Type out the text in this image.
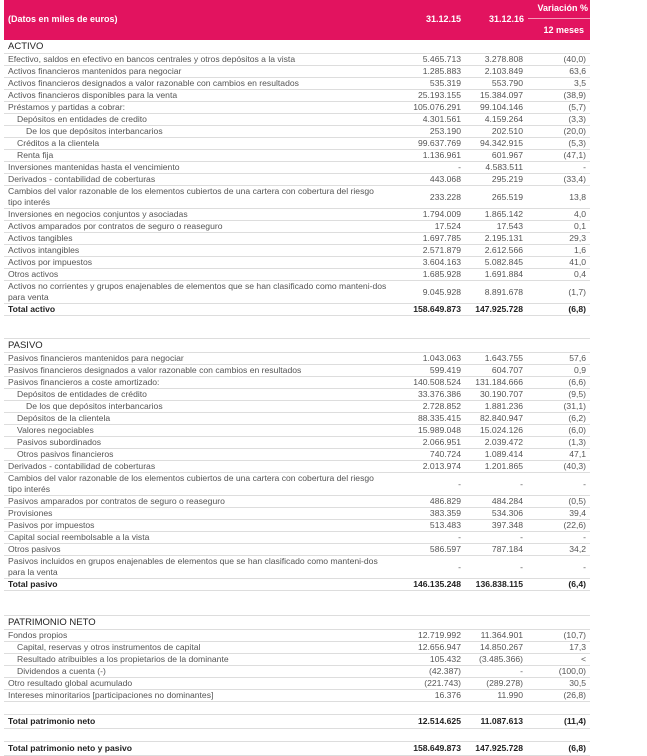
(Datos en miles de euros)	31.12.15	31.12.16
Variación %
12 meses
ACTIVO
Efectivo, saldos en efectivo en bancos centrales y otros depósitos a la vista	5.465.713	3.278.808	(40,0)
Activos financieros mantenidos para negociar	1.285.883	2.103.849	63,6
Activos financieros designados a valor razonable con cambios en resultados	535.319	553.790	3,5
Activos financieros disponibles para la venta	25.193.155	15.384.097	(38,9)
Préstamos y partidas a cobrar:	105.076.291	99.104.146	(5,7)
Depósitos en entidades de credito	4.301.561	4.159.264	(3,3)
De los que depósitos interbancarios	253.190	202.510	(20,0)
Créditos a la clientela	99.637.769	94.342.915	(5,3)
Renta fija	1.136.961	601.967	(47,1)
Inversiones mantenidas hasta el vencimiento	-	4.583.511	-
Derivados - contabilidad de coberturas	443.068	295.219	(33,4)
Cambios del valor razonable de los elementos cubiertos de una cartera con cobertura del riesgo tipo interés
233.228	265.519	13,8
Inversiones en negocios conjuntos y asociadas	1.794.009	1.865.142	4,0
Activos amparados por contratos de seguro o reaseguro	17.524	17.543	0,1
Activos tangibles	1.697.785	2.195.131	29,3
Activos intangibles	2.571.879	2.612.566	1,6
Activos por impuestos	3.604.163	5.082.845	41,0
Otros activos	1.685.928	1.691.884	0,4
Activos no corrientes y grupos enajenables de elementos que se han clasificado como manteni-dos para venta
9.045.928	8.891.678	(1,7)
Total activo	158.649.873	147.925.728	(6,8)
PASIVO
Pasivos financieros mantenidos para negociar	1.043.063	1.643.755	57,6
Pasivos financieros designados a valor razonable con cambios en resultados	599.419	604.707	0,9
Pasivos financieros a coste amortizado:	140.508.524	131.184.666	(6,6)
Depósitos de entidades de crédito	33.376.386	30.190.707	(9,5)
De los que depósitos interbancarios	2.728.852	1.881.236	(31,1)
Depósitos de la clientela	88.335.415	82.840.947	(6,2)
Valores negociables	15.989.048	15.024.126	(6,0)
Pasivos subordinados	2.066.951	2.039.472	(1,3)
Otros pasivos financieros	740.724	1.089.414	47,1
Derivados - contabilidad de coberturas	2.013.974	1.201.865	(40,3)
Cambios del valor razonable de los elementos cubiertos de una cartera con cobertura del riesgo tipo interés
-	-	-
Pasivos amparados por contratos de seguro o reaseguro	486.829	484.284	(0,5)
Provisiones	383.359	534.306	39,4
Pasivos por impuestos	513.483	397.348	(22,6)
Capital social reembolsable a la vista	-	-	-
Otros pasivos	586.597	787.184	34,2
Pasivos incluidos en grupos enajenables de elementos que se han clasificado como manteni-dos para la venta
-	-	-
Total pasivo	146.135.248	136.838.115	(6,4)
PATRIMONIO NETO
Fondos propios	12.719.992	11.364.901	(10,7)
Capital, reservas y otros instrumentos de capital	12.656.947	14.850.267	17,3
Resultado atribuibles a los propietarios de la dominante	105.432	(3.485.366)	<
Dividendos a cuenta (-)	(42.387)	-	(100,0)
Otro resultado global acumulado	(221.743)	(289.278)	30,5
Intereses minoritarios [participaciones no dominantes]	16.376	11.990	(26,8)
Total patrimonio neto	12.514.625	11.087.613	(11,4)
Total patrimonio neto y pasivo	158.649.873	147.925.728	(6,8)
